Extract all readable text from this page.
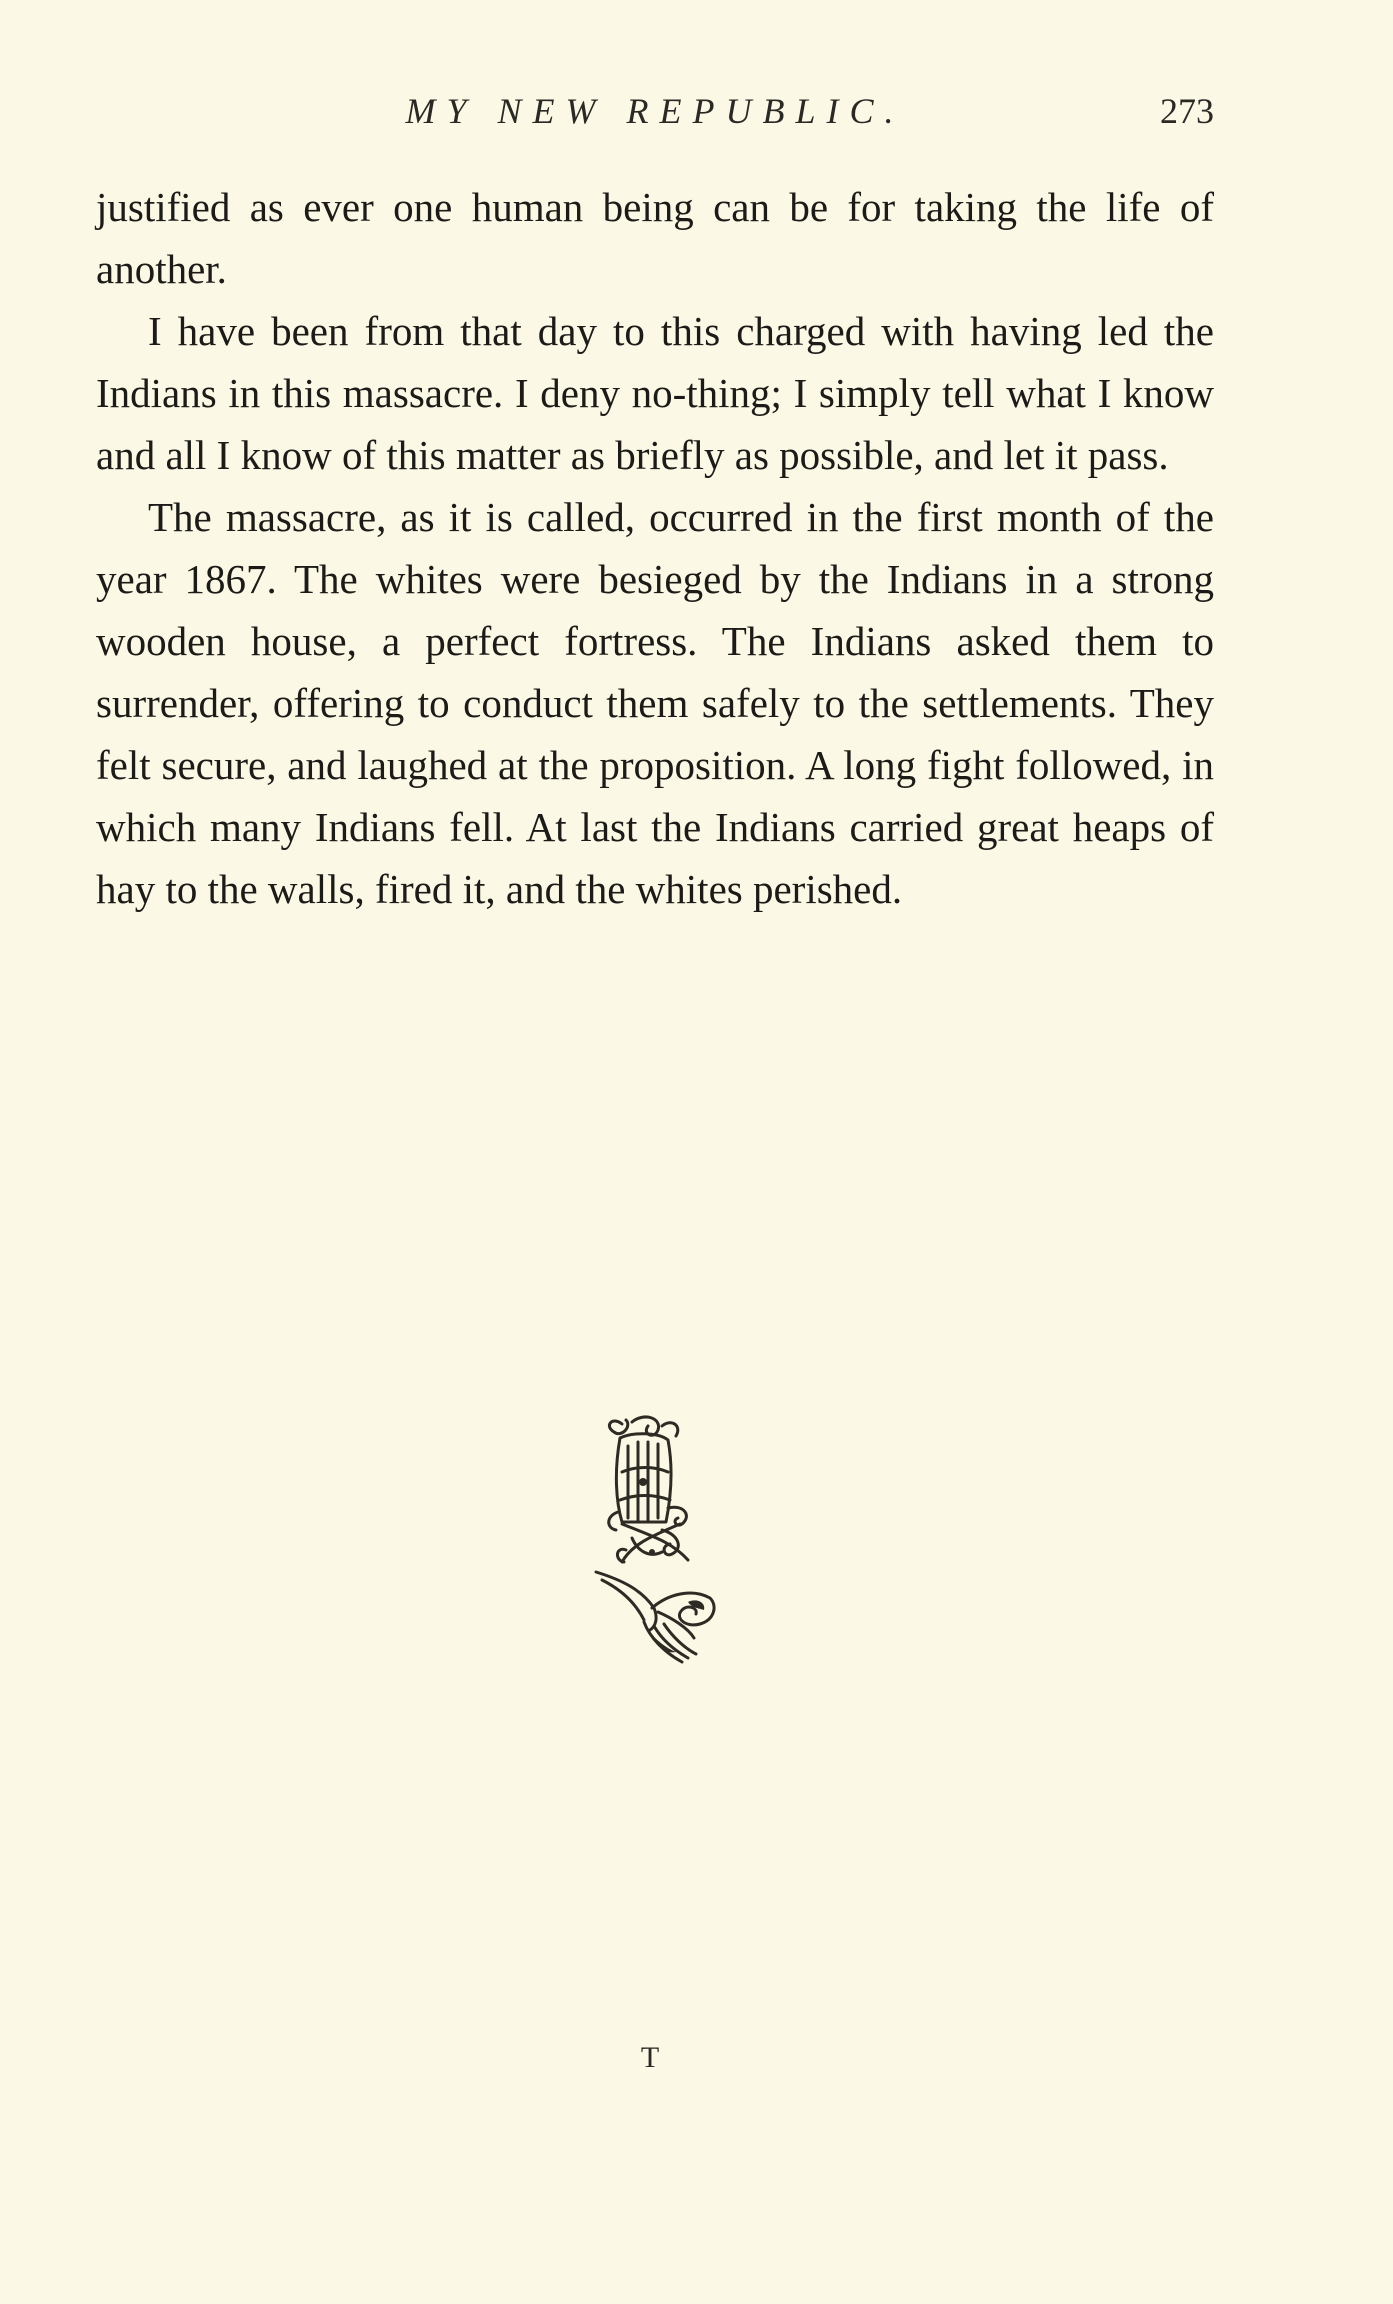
MY NEW REPUBLIC.	273

justified as ever one human being can be for taking the life of another.

I have been from that day to this charged with having led the Indians in this massacre. I deny no-thing; I simply tell what I know and all I know of this matter as briefly as possible, and let it pass.

The massacre, as it is called, occurred in the first month of the year 1867. The whites were besieged by the Indians in a strong wooden house, a perfect fortress. The Indians asked them to surrender, offering to conduct them safely to the settlements. They felt secure, and laughed at the proposition. A long fight followed, in which many Indians fell. At last the Indians carried great heaps of hay to the walls, fired it, and the whites perished.

T
